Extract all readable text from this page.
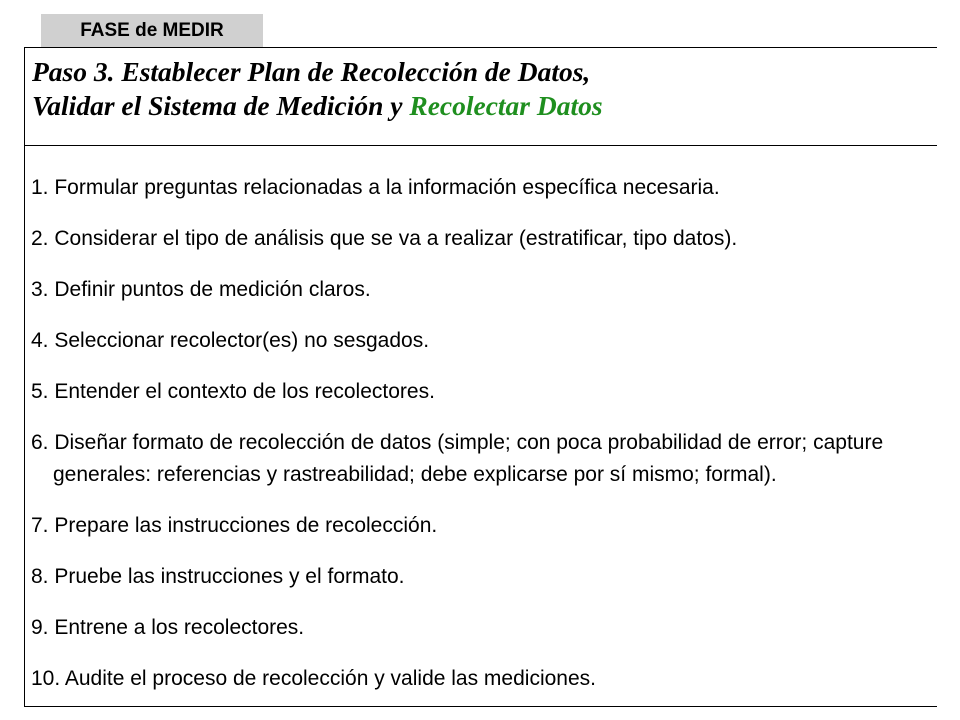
FASE de MEDIR
Paso 3. Establecer Plan de Recolección de Datos,
Validar el Sistema de Medición y Recolectar Datos
1. Formular preguntas relacionadas a la información específica necesaria.
2. Considerar el tipo de análisis que se va a realizar (estratificar, tipo datos).
3. Definir puntos de medición claros.
4. Seleccionar recolector(es) no sesgados.
5. Entender el contexto de los recolectores.
6. Diseñar formato de recolección de datos (simple; con poca probabilidad de error; capture generales: referencias y rastreabilidad; debe explicarse por sí mismo; formal).
7. Prepare las instrucciones de recolección.
8. Pruebe las instrucciones y el formato.
9. Entrene a los recolectores.
10. Audite el proceso de recolección y valide las mediciones.
